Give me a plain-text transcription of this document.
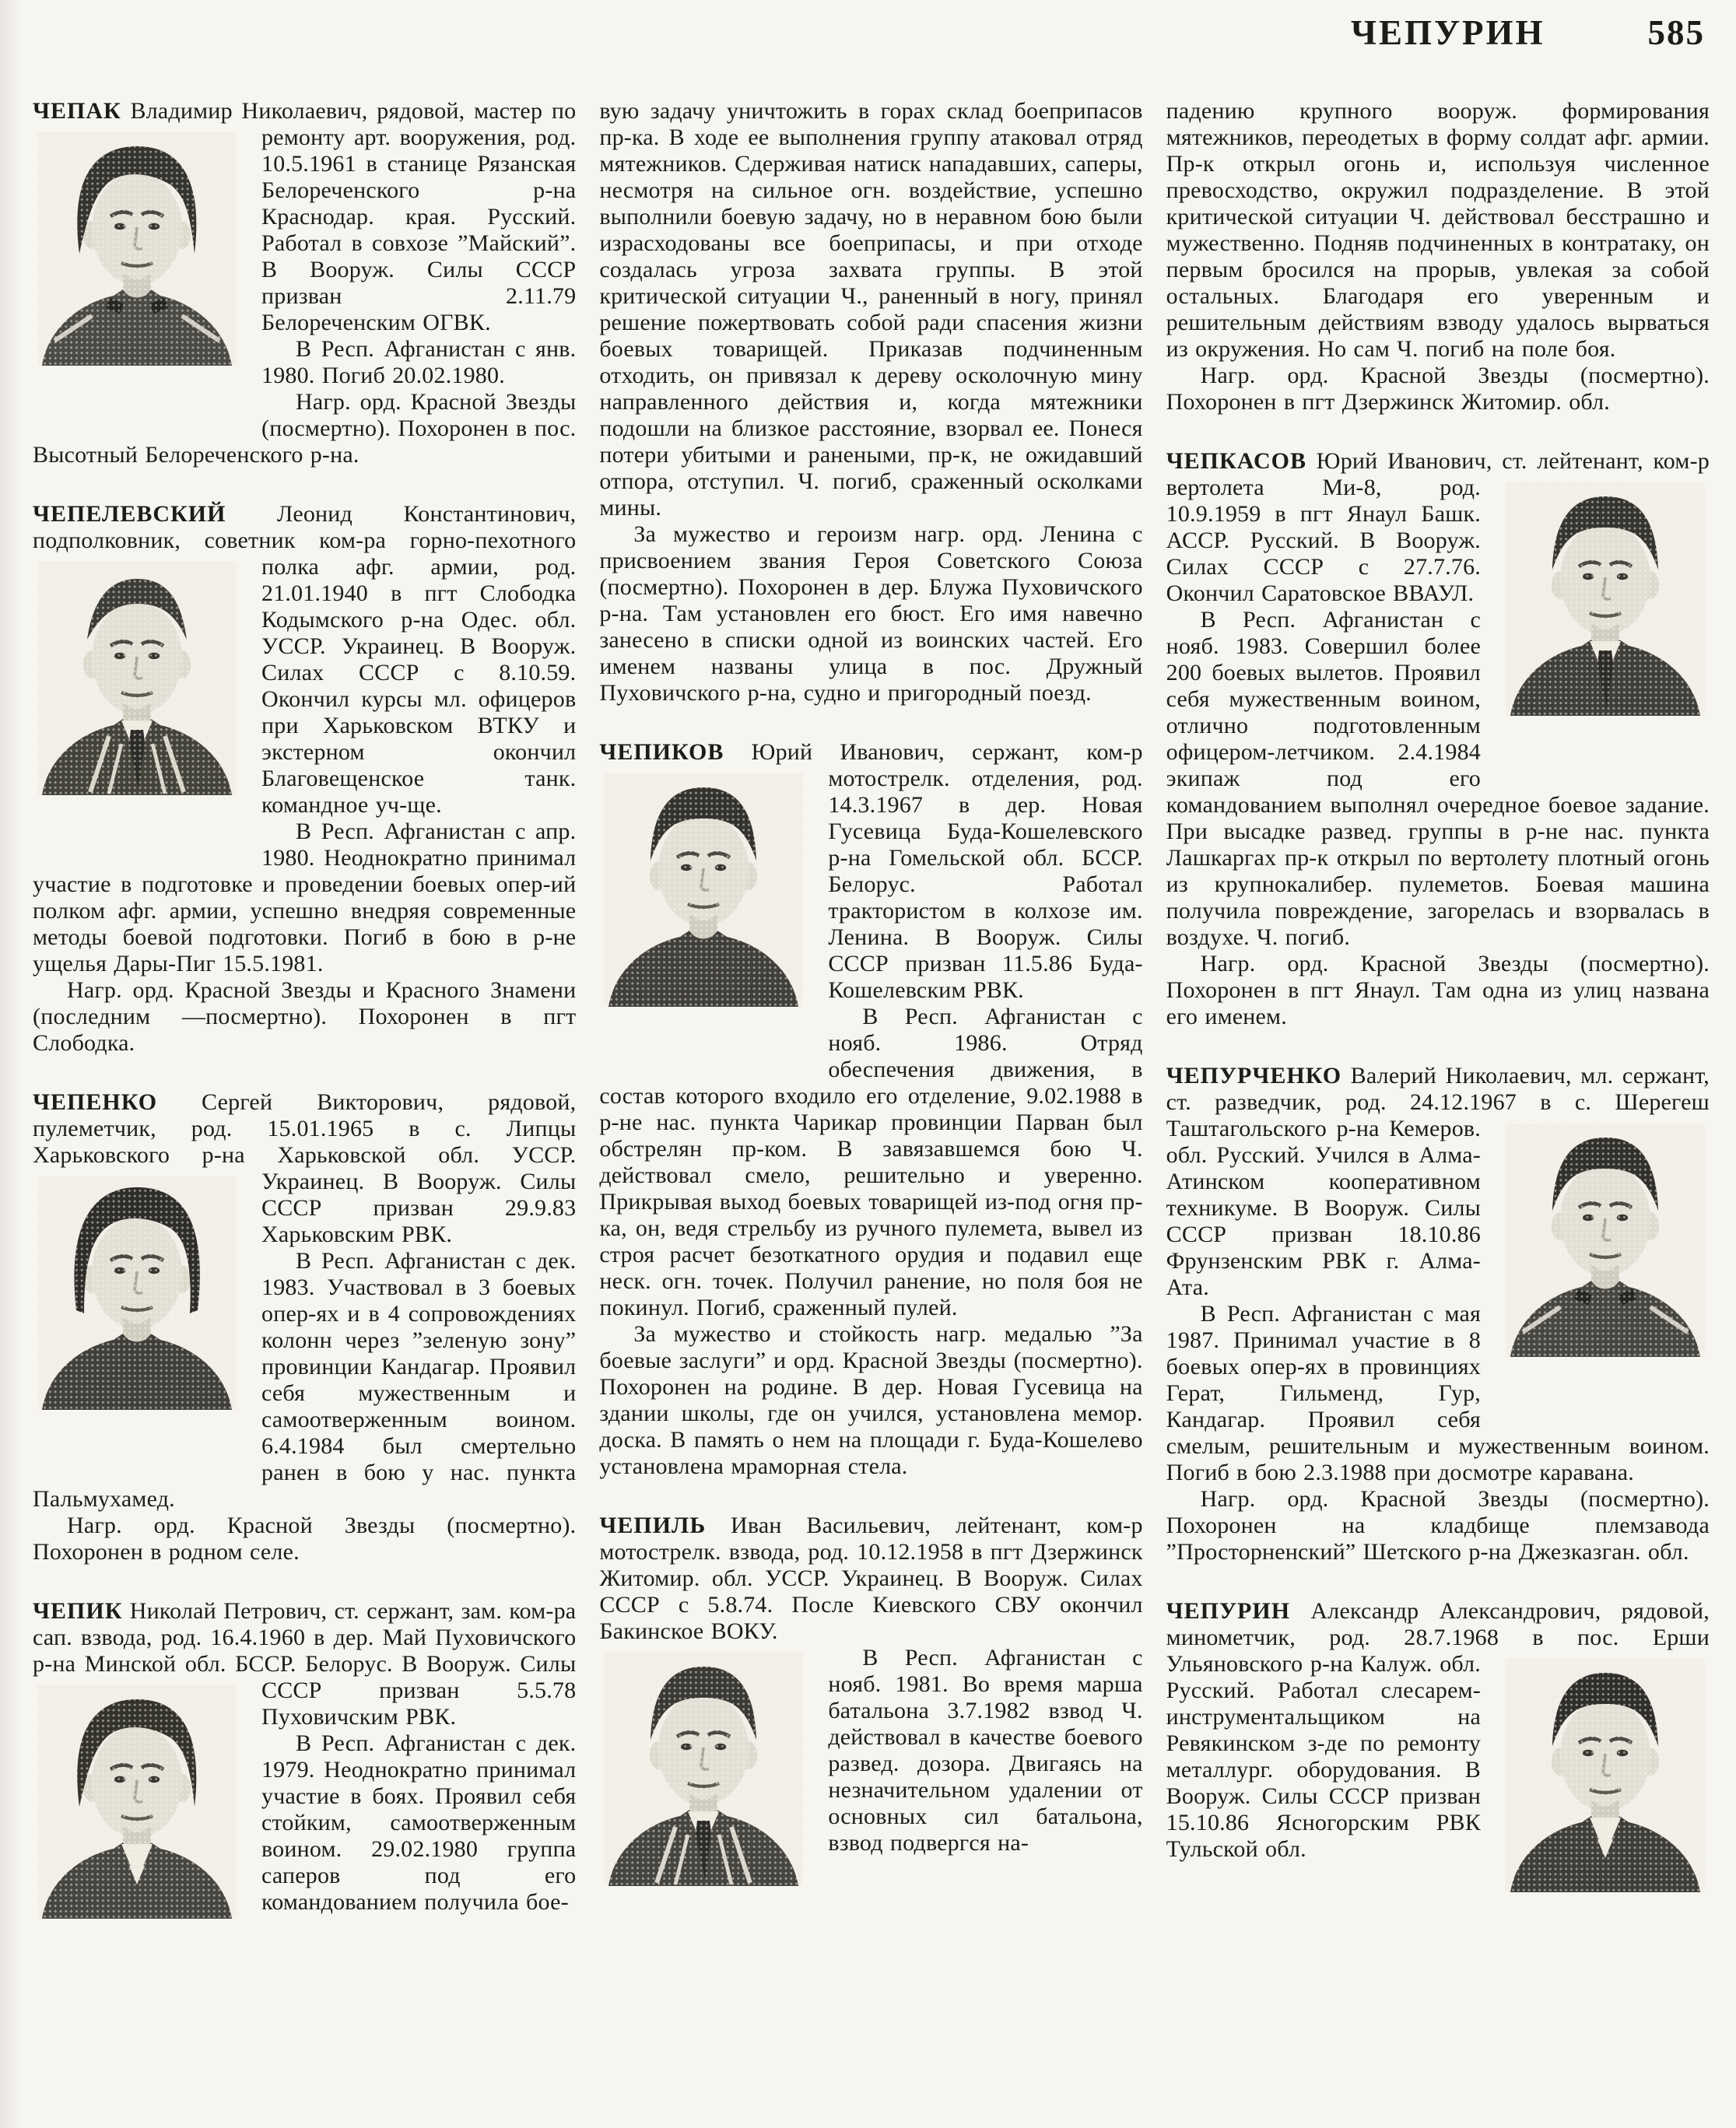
ЧЕПУРИН	585

ЧЕПАК Владимир Николаевич, рядовой, мастер по ремонту арт. вооружения, род.
10.5.1961 в станице Рязанская Белореченского р-на Краснодар. края. Русский. Работал в совхозе ”Майский”. В Вооруж. Силы СССР призван 2.11.79 Белореченским ОГВК.

В Респ. Афганистан с янв. 1980. Погиб 20.02.1980.

Нагр. орд. Красной Звезды (посмертно). Похоронен в пос. Высотный Белореченского р-на.

ЧЕПЕЛЕВСКИЙ Леонид Константинович, подполковник, советник ком-ра
горно-пехотного полка афг. армии, род. 21.01.1940 в пгт Слободка Кодымского р-на Одес. обл. УССР. Украинец. В Вооруж. Силах СССР с 8.10.59. Окончил курсы мл. офицеров при Харьковском ВТКУ и экстерном окончил Благовещенское танк. командное уч-ще.

В Респ. Афганистан с апр. 1980. Неоднократно принимал участие в подготовке и проведении боевых опер-ий полком афг. армии, успешно внедряя современные методы боевой подготовки. Погиб в бою в р-не ущелья Дары-Пиг 15.5.1981.

Нагр. орд. Красной Звезды и Красного Знамени (последним —посмертно). Похоронен в пгт Слободка.

ЧЕПЕНКО Сергей Викторович, рядовой, пулеметчик, род. 15.01.1965 в с. Липцы Харьковского р-на Харьковской обл.
УССР. Украинец. В Вооруж. Силы СССР призван 29.9.83 Харьковским РВК.

В Респ. Афганистан с дек. 1983. Участвовал в 3 боевых опер-ях и в 4 сопровождениях колонн через ”зеленую зону” провинции Кандагар. Проявил себя мужественным и самоотверженным воином. 6.4.1984 был смертельно ранен в бою у нас. пункта Пальмухамед.

Нагр. орд. Красной Звезды (посмертно). Похоронен в родном селе.

ЧЕПИК Николай Петрович, ст. сержант, зам. ком-ра сап. взвода, род. 16.4.1960 в дер. Май Пуховичского р-на Минской обл. БССР. Белорус. В Вооруж. Силы СССР
призван 5.5.78 Пуховичским РВК.

В Респ. Афганистан с дек. 1979. Неоднократно принимал участие в боях. Проявил себя стойким, самоотверженным воином. 29.02.1980 группа саперов под его командованием получила бое-

вую задачу уничтожить в горах склад боеприпасов пр-ка. В ходе ее выполнения группу атаковал отряд мятежников. Сдерживая натиск нападавших, саперы, несмотря на сильное огн. воздействие, успешно выполнили боевую задачу, но в неравном бою были израсходованы все боеприпасы, и при отходе создалась угроза захвата группы. В этой критической ситуации Ч., раненный в ногу, принял решение пожертвовать собой ради спасения жизни боевых товарищей. Приказав подчиненным отходить, он привязал к дереву осколочную мину направленного действия и, когда мятежники подошли на близкое расстояние, взорвал ее. Понеся потери убитыми и ранеными, пр-к, не ожидавший отпора, отступил. Ч. погиб, сраженный осколками мины.

За мужество и героизм нагр. орд. Ленина с присвоением звания Героя Советского Союза (посмертно). Похоронен в дер. Блужа Пуховичского р-на. Там установлен его бюст. Его имя навечно занесено в списки одной из воинских частей. Его именем названы улица в пос. Дружный Пуховичского р-на, судно и пригородный поезд.

ЧЕПИКОВ Юрий Иванович, сержант, ком-р мотострелк. отделения, род.
14.3.1967 в дер. Новая Гусевица Буда-Кошелевского р-на Гомельской обл. БССР. Белорус. Работал трактористом в колхозе им. Ленина. В Вооруж. Силы СССР призван 11.5.86 Буда-Кошелевским РВК.

В Респ. Афганистан с нояб. 1986. Отряд обеспечения движения, в состав которого входило его отделение, 9.02.1988 в р-не нас. пункта Чарикар провинции Парван был обстрелян пр-ком. В завязавшемся бою Ч. действовал смело, решительно и уверенно. Прикрывая выход боевых товарищей из-под огня пр-ка, он, ведя стрельбу из ручного пулемета, вывел из строя расчет безоткатного орудия и подавил еще неск. огн. точек. Получил ранение, но поля боя не покинул. Погиб, сраженный пулей.

За мужество и стойкость нагр. медалью ”За боевые заслуги” и орд. Красной Звезды (посмертно). Похоронен на родине. В дер. Новая Гусевица на здании школы, где он учился, установлена мемор. доска. В память о нем на площади г. Буда-Кошелево установлена мраморная стела.

ЧЕПИЛЬ Иван Васильевич, лейтенант, ком-р мотострелк. взвода, род. 10.12.1958 в пгт Дзержинск Житомир. обл. УССР. Украинец. В Вооруж. Силах СССР с 5.8.74. После Киевского СВУ окончил Бакинское ВОКУ.

В Респ. Афганистан с нояб. 1981. Во время марша батальона 3.7.1982 взвод Ч. действовал в качестве боевого развед. дозора. Двигаясь на незначительном удалении от основных сил батальона, взвод подвергся на-

падению крупного вооруж. формирования мятежников, переодетых в форму солдат афг. армии. Пр-к открыл огонь и, используя численное превосходство, окружил подразделение. В этой критической ситуации Ч. действовал бесстрашно и мужественно. Подняв подчиненных в контратаку, он первым бросился на прорыв, увлекая за собой остальных. Благодаря его уверенным и решительным действиям взводу удалось вырваться из окружения. Но сам Ч. погиб на поле боя.

Нагр. орд. Красной Звезды (посмертно). Похоронен в пгт Дзержинск Житомир. обл.

ЧЕПКАСОВ Юрий Иванович, ст. лейтенант, ком-р вертолета Ми-8, род.
10.9.1959 в пгт Янаул Башк. АССР. Русский. В Вооруж. Силах СССР с 27.7.76. Окончил Саратовское ВВАУЛ.

В Респ. Афганистан с нояб. 1983. Совершил более 200 боевых вылетов. Проявил себя мужественным воином, отлично подготовленным офицером-летчиком. 2.4.1984 экипаж под его командованием выполнял очередное боевое задание. При высадке развед. группы в р-не нас. пункта Лашкаргах пр-к открыл по вертолету плотный огонь из крупнокалибер. пулеметов. Боевая машина получила повреждение, загорелась и взорвалась в воздухе. Ч. погиб.

Нагр. орд. Красной Звезды (посмертно). Похоронен в пгт Янаул. Там одна из улиц названа его именем.

ЧЕПУРЧЕНКО Валерий Николаевич, мл. сержант, ст. разведчик, род. 24.12.1967 в
с. Шерегеш Таштагольского р-на Кемеров. обл. Русский. Учился в Алма-Атинском кооперативном техникуме. В Вооруж. Силы СССР призван 18.10.86 Фрунзенским РВК г. Алма-Ата.

В Респ. Афганистан с мая 1987. Принимал участие в 8 боевых опер-ях в провинциях Герат, Гильменд, Гур, Кандагар. Проявил себя смелым, решительным и мужественным воином. Погиб в бою 2.3.1988 при досмотре каравана.

Нагр. орд. Красной Звезды (посмертно). Похоронен на кладбище племзавода ”Просторненский” Шетского р-на Джезказган. обл.

ЧЕПУРИН Александр Александрович, рядовой, минометчик, род. 28.7.1968 в пос.
Ерши Ульяновского р-на Калуж. обл. Русский. Работал слесарем-инструментальщиком на Ревякинском з-де по ремонту металлург. оборудования. В Вооруж. Силы СССР призван 15.10.86 Ясногорским РВК Тульской обл.
